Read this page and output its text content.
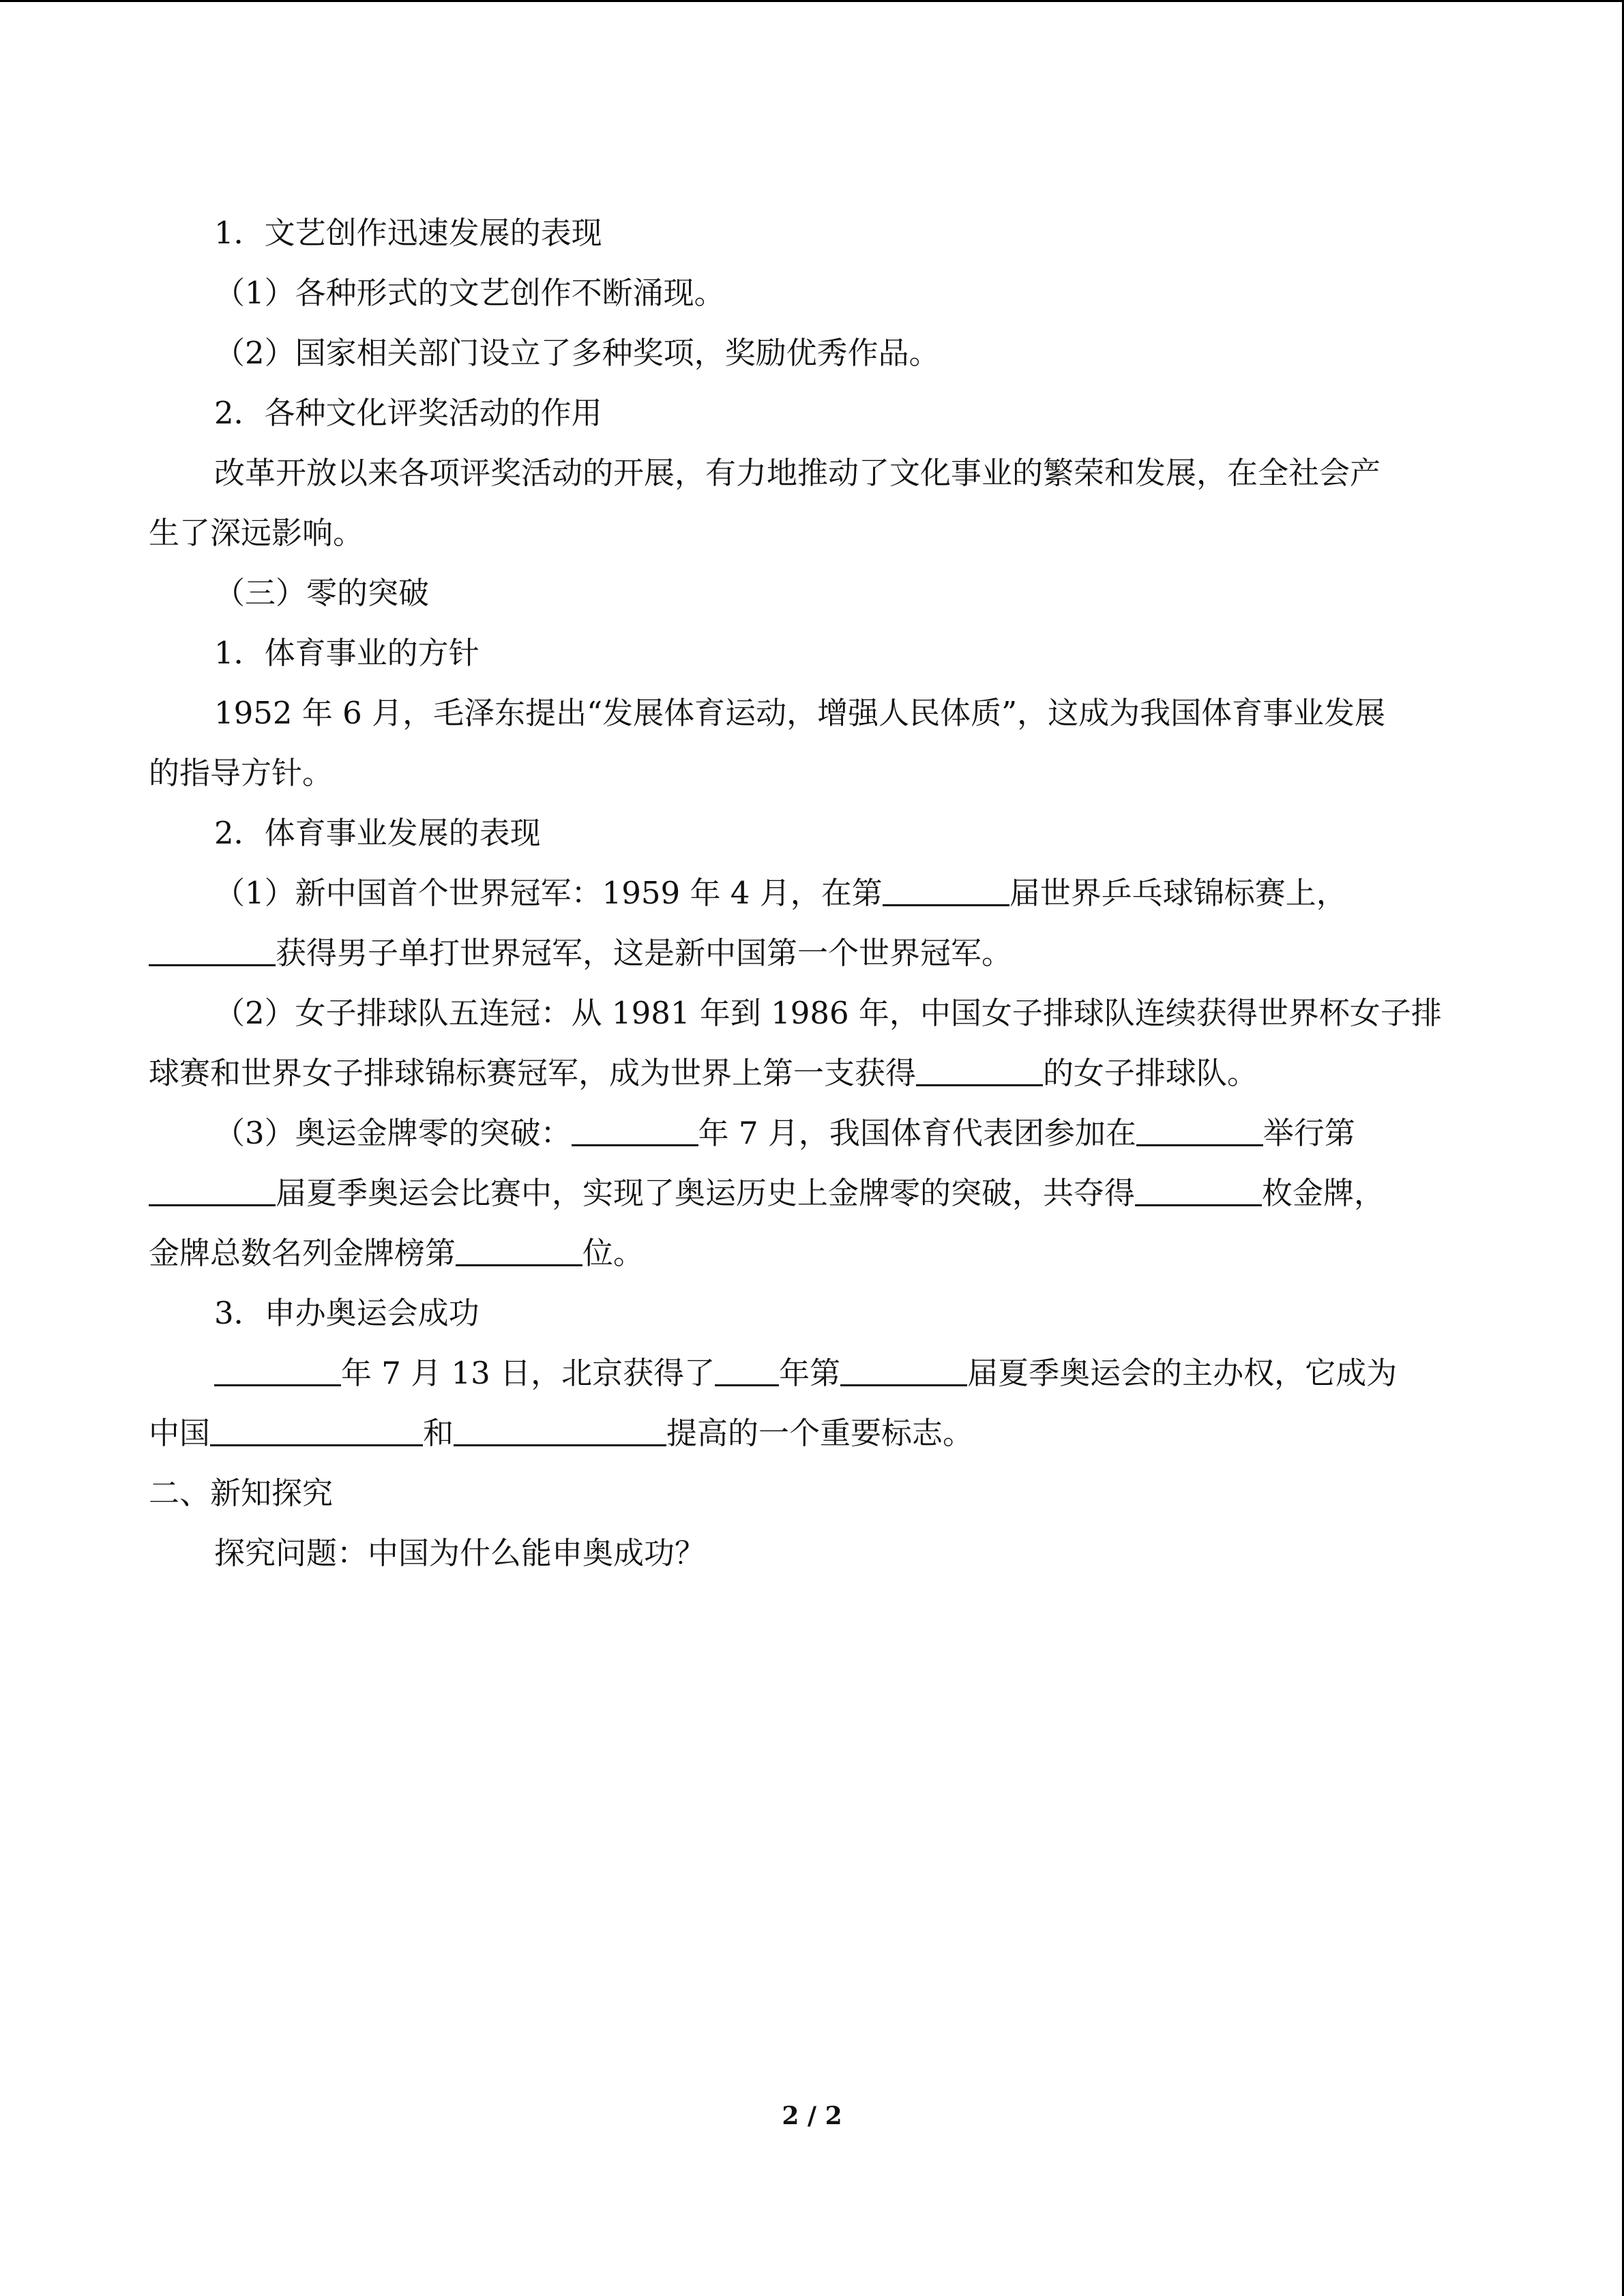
1．文艺创作迅速发展的表现
（1）各种形式的文艺创作不断涌现。
（2）国家相关部门设立了多种奖项，奖励优秀作品。
2．各种文化评奖活动的作用
改革开放以来各项评奖活动的开展，有力地推动了文化事业的繁荣和发展，在全社会产
生了深远影响。
（三）零的突破
1．体育事业的方针
1952 年 6 月，毛泽东提出“发展体育运动，增强人民体质”，这成为我国体育事业发展
的指导方针。
2．体育事业发展的表现
（1）新中国首个世界冠军：1959 年 4 月，在第	届世界乒乓球锦标赛上，
获得男子单打世界冠军，这是新中国第一个世界冠军。
（2）女子排球队五连冠：从 1981 年到 1986 年，中国女子排球队连续获得世界杯女子排
球赛和世界女子排球锦标赛冠军，成为世界上第一支获得	的女子排球队。
（3）奥运金牌零的突破：	年 7 月，我国体育代表团参加在	举行第
届夏季奥运会比赛中，实现了奥运历史上金牌零的突破，共夺得	枚金牌，
金牌总数名列金牌榜第	位。
3．申办奥运会成功
年 7 月 13 日，北京获得了 年第	届夏季奥运会的主办权，它成为
中国	和	提高的一个重要标志。
二、新知探究
探究问题：中国为什么能申奥成功？
2 / 2
